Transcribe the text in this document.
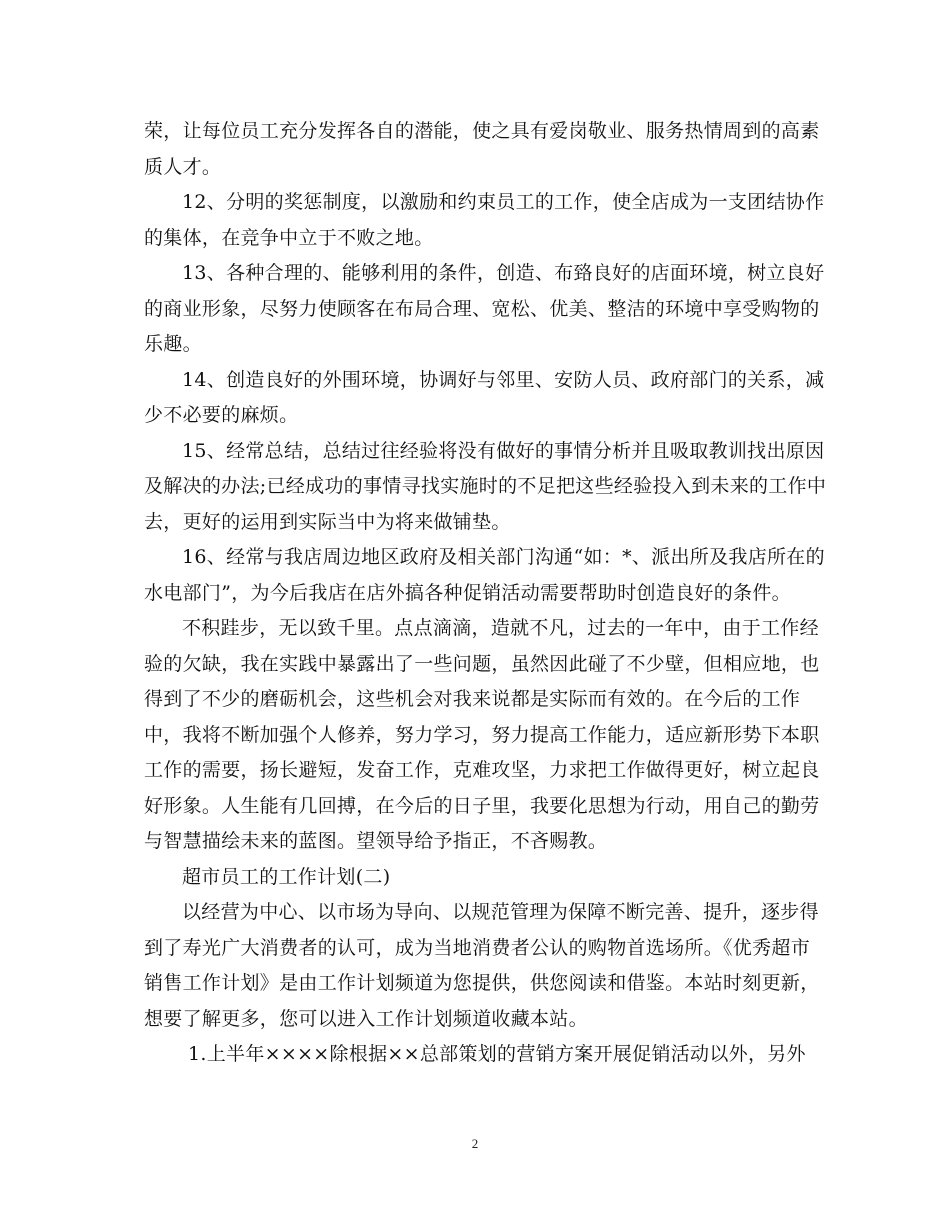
荣，让每位员工充分发挥各自的潜能，使之具有爱岗敬业、服务热情周到的高素
质人才。
12、分明的奖惩制度，以激励和约束员工的工作，使全店成为一支团结协作
的集体，在竞争中立于不败之地。
13、各种合理的、能够利用的条件，创造、布臵良好的店面环境，树立良好
的商业形象，尽努力使顾客在布局合理、宽松、优美、整洁的环境中享受购物的
乐趣。
14、创造良好的外围环境，协调好与邻里、安防人员、政府部门的关系，减
少不必要的麻烦。
15、经常总结，总结过往经验将没有做好的事情分析并且吸取教训找出原因
及解决的办法;已经成功的事情寻找实施时的不足把这些经验投入到未来的工作中
去，更好的运用到实际当中为将来做铺垫。
16、经常与我店周边地区政府及相关部门沟通“如：*、派出所及我店所在的
水电部门”，为今后我店在店外搞各种促销活动需要帮助时创造良好的条件。
不积跬步，无以致千里。点点滴滴，造就不凡，过去的一年中，由于工作经
验的欠缺，我在实践中暴露出了一些问题，虽然因此碰了不少壁，但相应地，也
得到了不少的磨砺机会，这些机会对我来说都是实际而有效的。在今后的工作
中，我将不断加强个人修养，努力学习，努力提高工作能力，适应新形势下本职
工作的需要，扬长避短，发奋工作，克难攻坚，力求把工作做得更好，树立起良
好形象。人生能有几回搏，在今后的日子里，我要化思想为行动，用自己的勤劳
与智慧描绘未来的蓝图。望领导给予指正，不吝赐教。
超市员工的工作计划(二)
以经营为中心、以市场为导向、以规范管理为保障不断完善、提升，逐步得
到了寿光广大消费者的认可，成为当地消费者公认的购物首选场所。《优秀超市
销售工作计划》是由工作计划频道为您提供，供您阅读和借鉴。本站时刻更新，
想要了解更多，您可以进入工作计划频道收藏本站。
1.上半年××××除根据××总部策划的营销方案开展促销活动以外，另外
2
